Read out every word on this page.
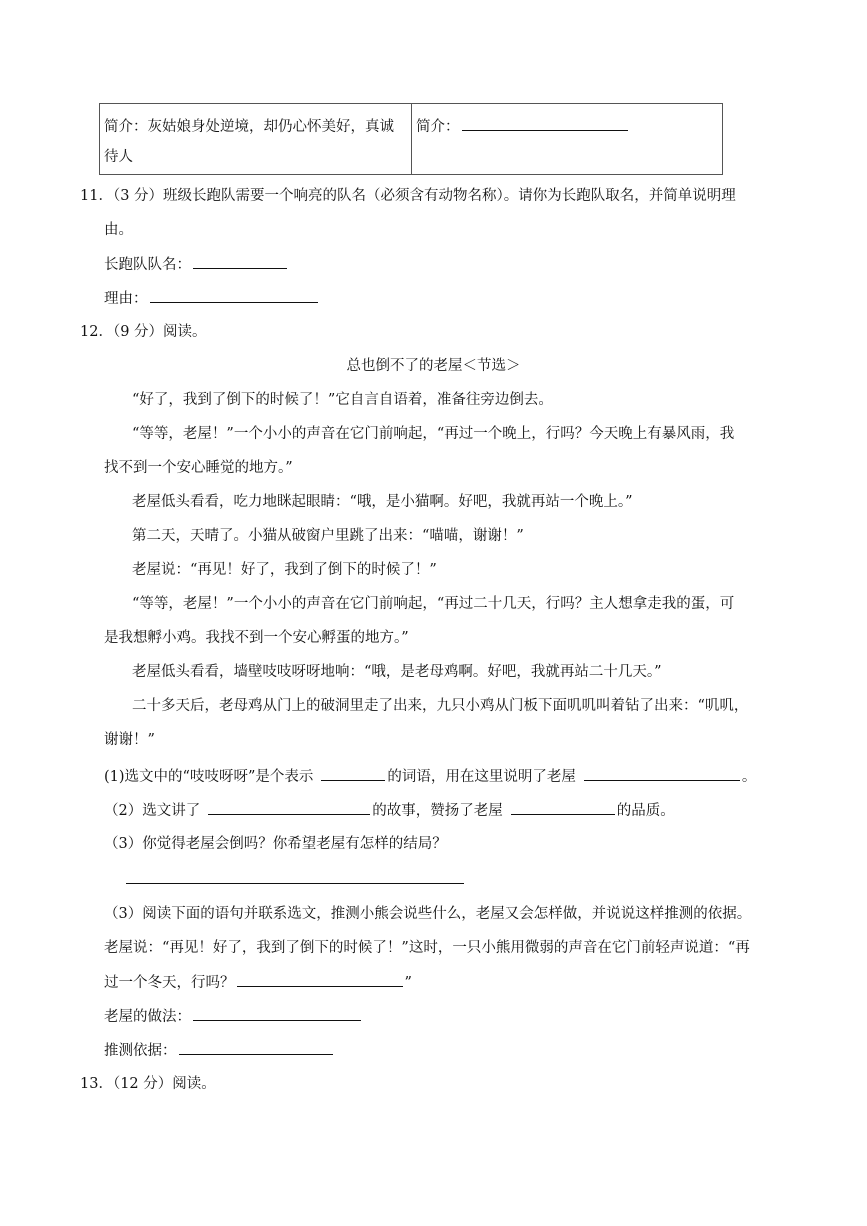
简介：灰姑娘身处逆境，却仍心怀美好，真诚
待人
简介：
11．（3 分）班级长跑队需要一个响亮的队名（必须含有动物名称）。请你为长跑队取名，并简单说明理
由。
长跑队队名：
理由：
12．（9 分）阅读。
总也倒不了的老屋＜节选＞
“好了，我到了倒下的时候了！”它自言自语着，准备往旁边倒去。
“等等，老屋！”一个小小的声音在它门前响起，“再过一个晚上，行吗？今天晚上有暴风雨，我
找不到一个安心睡觉的地方。”
老屋低头看看，吃力地眯起眼睛：“哦，是小猫啊。好吧，我就再站一个晚上。”
第二天，天晴了。小猫从破窗户里跳了出来：“喵喵，谢谢！”
老屋说：“再见！好了，我到了倒下的时候了！”
“等等，老屋！”一个小小的声音在它门前响起，“再过二十几天，行吗？主人想拿走我的蛋，可
是我想孵小鸡。我找不到一个安心孵蛋的地方。”
老屋低头看看，墙壁吱吱呀呀地响：“哦，是老母鸡啊。好吧，我就再站二十几天。”
二十多天后，老母鸡从门上的破洞里走了出来，九只小鸡从门板下面叽叽叫着钻了出来：“叽叽，
谢谢！”
(1)选文中的“吱吱呀呀”是个表示	的词语，用在这里说明了老屋	。
（2）选文讲了	的故事，赞扬了老屋	的品质。
（3）你觉得老屋会倒吗？你希望老屋有怎样的结局？
（3）阅读下面的语句并联系选文，推测小熊会说些什么，老屋又会怎样做，并说说这样推测的依据。
老屋说：“再见！好了，我到了倒下的时候了！”这时，一只小熊用微弱的声音在它门前轻声说道：“再
过一个冬天，行吗？	”
老屋的做法：
推测依据：
13．（12 分）阅读。
